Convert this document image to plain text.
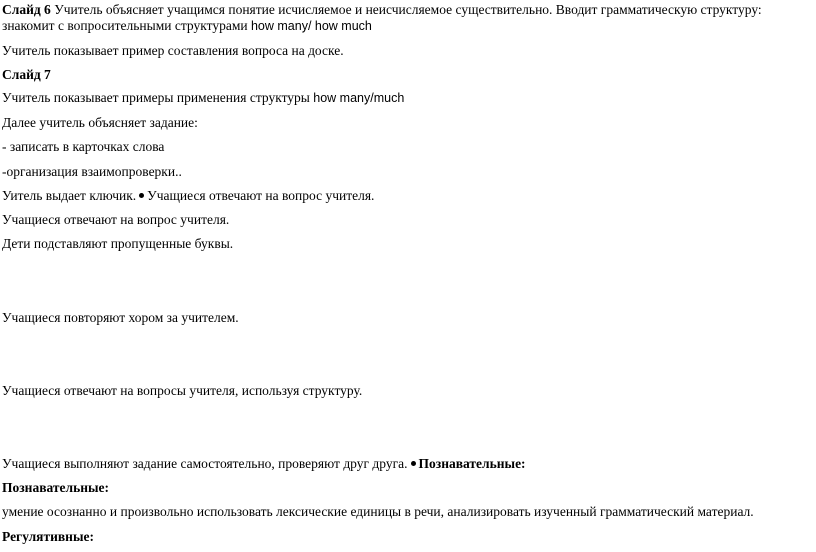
Слайд 6 Учитель объясняет учащимся понятие исчисляемое и неисчисляемое существительно. Вводит грамматическую структуру: знакомит с вопросительными структурами how many/ how much
Учитель показывает пример составления вопроса на доске.
Слайд 7
Учитель показывает примеры применения структуры how many/much
Далее учитель объясняет задание:
- записать в карточках слова
-организация взаимопроверки..
Уитель выдает ключик. Учащиеся отвечают на вопрос учителя.
Учащиеся отвечают на вопрос учителя.
Дети подставляют пропущенные буквы.
Учащиеся повторяют хором за учителем.
Учащиеся отвечают на вопросы учителя, используя структуру.
Учащиеся выполняют задание самостоятельно, проверяют друг друга. Познавательные:
Познавательные:
умение осознанно и произвольно использовать лексические единицы в речи, анализировать изученный грамматический материал.
Регулятивные:
